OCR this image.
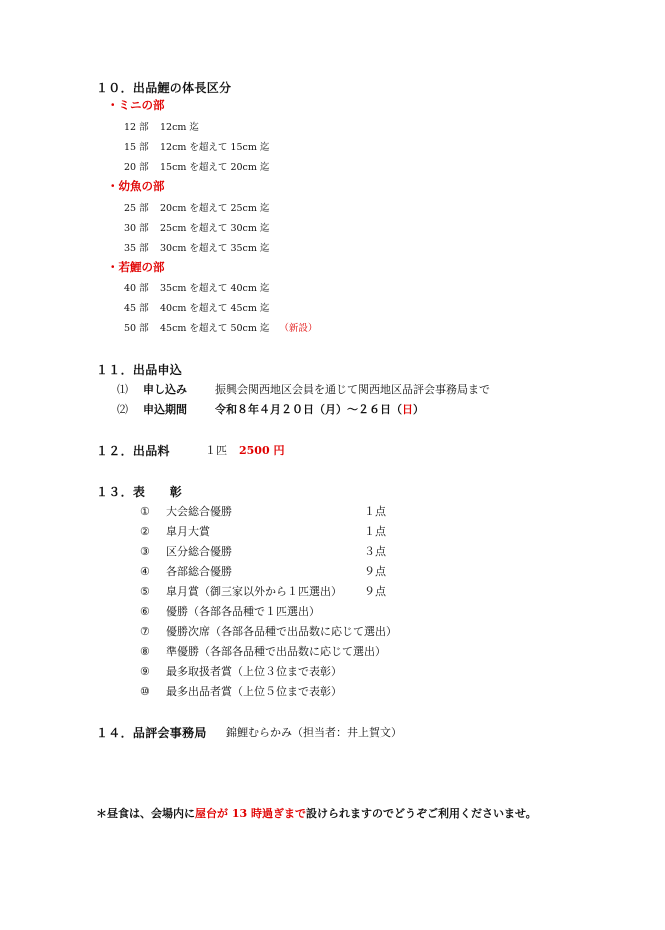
１０．出品鯉の体長区分
・ミニの部
12 部 12cm 迄
15 部 12cm を超えて 15cm 迄
20 部 15cm を超えて 20cm 迄
・幼魚の部
25 部 20cm を超えて 25cm 迄
30 部 25cm を超えて 30cm 迄
35 部 30cm を超えて 35cm 迄
・若鯉の部
40 部 35cm を超えて 40cm 迄
45 部 40cm を超えて 45cm 迄
50 部 45cm を超えて 50cm 迄 （新設）
１１．出品申込
⑴ 申し込み	振興会関西地区会員を通じて関西地区品評会事務局まで
⑵ 申込期間	令和８年４月２０日（月）～２６日（日）
１２．出品料	１匹 2500 円
１３．表　　彰
① 大会総合優勝	１点
② 皐月大賞	１点
③ 区分総合優勝	３点
④ 各部総合優勝	９点
⑤ 皐月賞（御三家以外から１匹選出） ９点
⑥ 優勝（各部各品種で１匹選出）
⑦ 優勝次席（各部各品種で出品数に応じて選出）
⑧ 準優勝（各部各品種で出品数に応じて選出）
⑨ 最多取扱者賞（上位３位まで表彰）
⑩ 最多出品者賞（上位５位まで表彰）
１４．品評会事務局 錦鯉むらかみ（担当者：井上賀文）
＊昼食は、会場内に屋台が 13 時過ぎまで設けられますのでどうぞご利用くださいませ。
